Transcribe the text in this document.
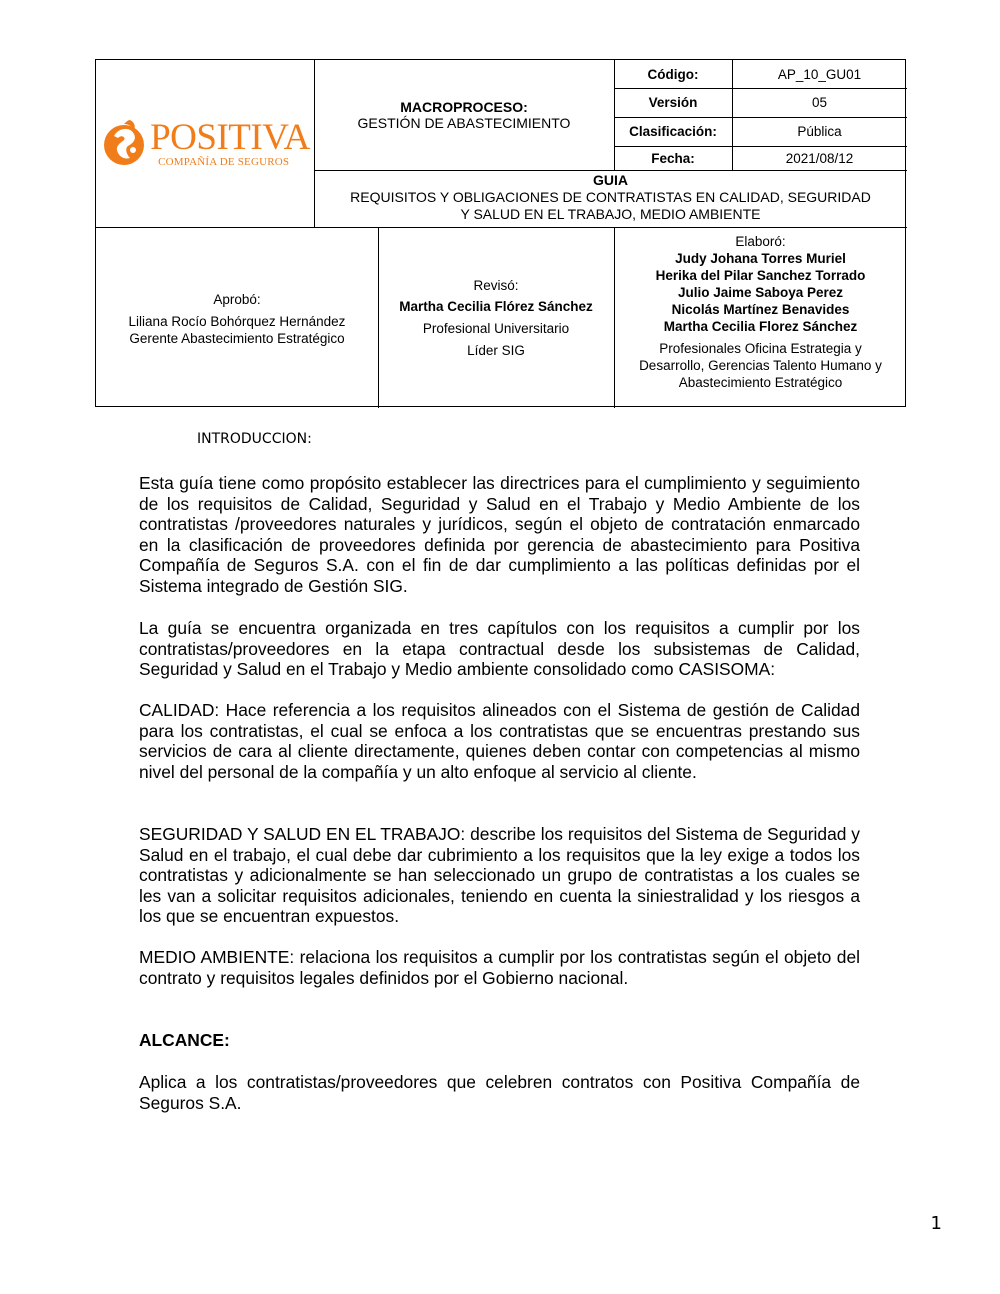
POSITIVA
COMPAÑÍA DE SEGUROS
MACROPROCESO:
GESTIÓN DE ABASTECIMIENTO
Código:	AP_10_GU01
Versión	05
Clasificación:	Pública
Fecha:	2021/08/12
GUIA
REQUISITOS Y OBLIGACIONES DE CONTRATISTAS EN CALIDAD, SEGURIDAD
Y SALUD EN EL TRABAJO, MEDIO AMBIENTE
Aprobó:
Liliana Rocío Bohórquez Hernández
Gerente Abastecimiento Estratégico
Revisó:
Martha Cecilia Flórez Sánchez
Profesional Universitario
Líder SIG
Elaboró:
Judy Johana Torres Muriel
Herika del Pilar Sanchez Torrado
Julio Jaime Saboya Perez
Nicolás Martínez Benavides
Martha Cecilia Florez Sánchez
Profesionales Oficina Estrategia y
Desarrollo, Gerencias Talento Humano y
Abastecimiento Estratégico
INTRODUCCION:

Esta guía tiene como propósito establecer las directrices para el cumplimiento y seguimiento de los requisitos de Calidad, Seguridad y Salud en el Trabajo y Medio Ambiente de los contratistas /proveedores naturales y jurídicos, según el objeto de contratación enmarcado en la clasificación de proveedores definida por gerencia de abastecimiento para Positiva Compañía de Seguros S.A. con el fin de dar cumplimiento a las políticas definidas por el Sistema integrado de Gestión SIG.

La guía se encuentra organizada en tres capítulos con los requisitos a cumplir por los contratistas/proveedores en la etapa contractual desde los subsistemas de Calidad, Seguridad y Salud en el Trabajo y Medio ambiente consolidado como CASISOMA:

CALIDAD: Hace referencia a los requisitos alineados con el Sistema de gestión de Calidad para los contratistas, el cual se enfoca a los contratistas que se encuentras prestando sus servicios de cara al cliente directamente, quienes deben contar con competencias al mismo nivel del personal de la compañía y un alto enfoque al servicio al cliente.

SEGURIDAD Y SALUD EN EL TRABAJO: describe los requisitos del Sistema de Seguridad y Salud en el trabajo, el cual debe dar cubrimiento a los requisitos que la ley exige a todos los contratistas y adicionalmente se han seleccionado un grupo de contratistas a los cuales se les van a solicitar requisitos adicionales, teniendo en cuenta la siniestralidad y los riesgos a los que se encuentran expuestos.

MEDIO AMBIENTE: relaciona los requisitos a cumplir por los contratistas según el objeto del contrato y requisitos legales definidos por el Gobierno nacional.

ALCANCE:

Aplica a los contratistas/proveedores que celebren contratos con Positiva Compañía de Seguros S.A.

1
